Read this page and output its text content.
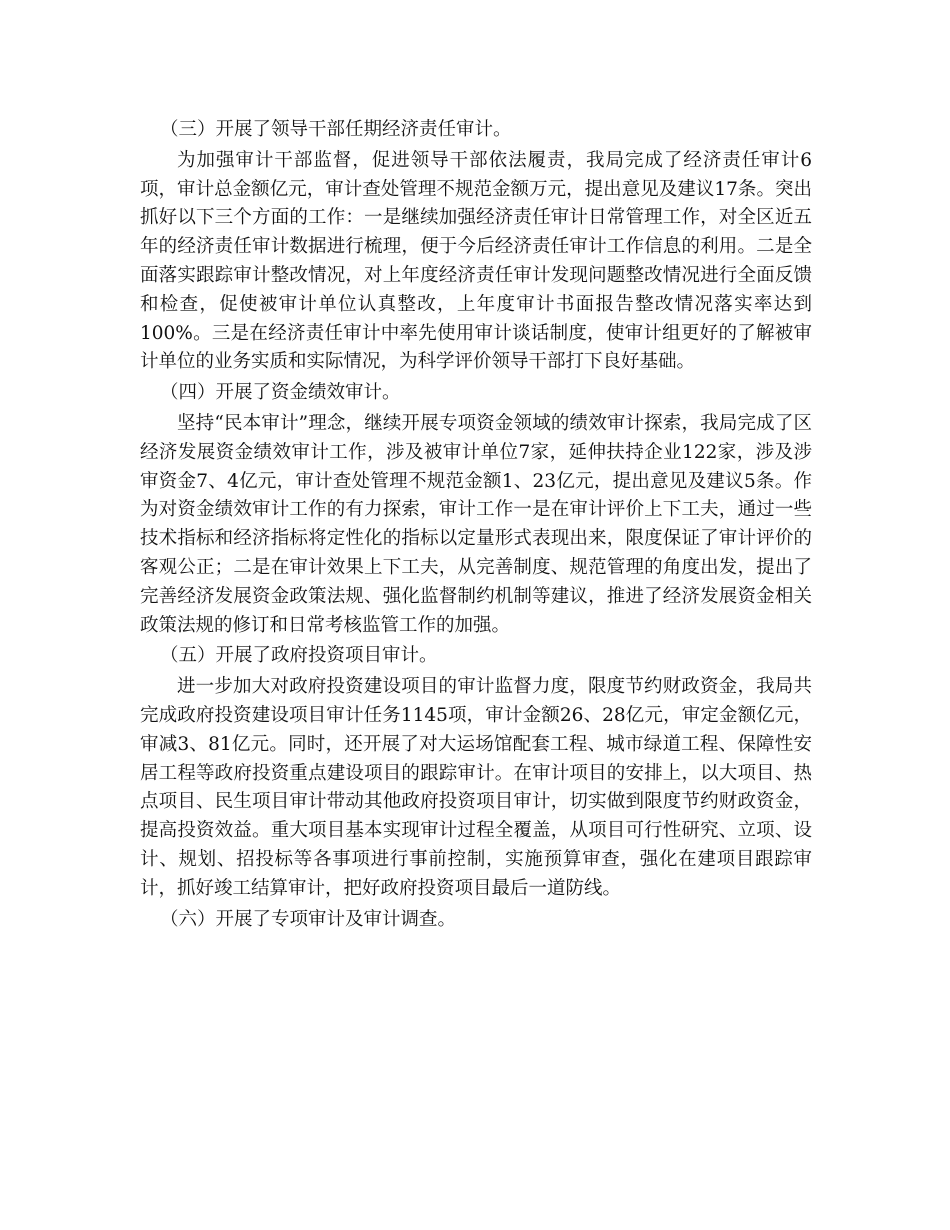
（三）开展了领导干部任期经济责任审计。

为加强审计干部监督，促进领导干部依法履责，我局完成了经济责任审计6项，审计总金额亿元，审计查处管理不规范金额万元，提出意见及建议17条。突出抓好以下三个方面的工作：一是继续加强经济责任审计日常管理工作，对全区近五年的经济责任审计数据进行梳理，便于今后经济责任审计工作信息的利用。二是全面落实跟踪审计整改情况，对上年度经济责任审计发现问题整改情况进行全面反馈和检查，促使被审计单位认真整改，上年度审计书面报告整改情况落实率达到100%。三是在经济责任审计中率先使用审计谈话制度，使审计组更好的了解被审计单位的业务实质和实际情况，为科学评价领导干部打下良好基础。

（四）开展了资金绩效审计。

坚持“民本审计”理念，继续开展专项资金领域的绩效审计探索，我局完成了区经济发展资金绩效审计工作，涉及被审计单位7家，延伸扶持企业122家，涉及涉审资金7、4亿元，审计查处管理不规范金额1、23亿元，提出意见及建议5条。作为对资金绩效审计工作的有力探索，审计工作一是在审计评价上下工夫，通过一些技术指标和经济指标将定性化的指标以定量形式表现出来，限度保证了审计评价的客观公正；二是在审计效果上下工夫，从完善制度、规范管理的角度出发，提出了完善经济发展资金政策法规、强化监督制约机制等建议，推进了经济发展资金相关政策法规的修订和日常考核监管工作的加强。

（五）开展了政府投资项目审计。

进一步加大对政府投资建设项目的审计监督力度，限度节约财政资金，我局共完成政府投资建设项目审计任务1145项，审计金额26、28亿元，审定金额亿元，审减3、81亿元。同时，还开展了对大运场馆配套工程、城市绿道工程、保障性安居工程等政府投资重点建设项目的跟踪审计。在审计项目的安排上，以大项目、热点项目、民生项目审计带动其他政府投资项目审计，切实做到限度节约财政资金，提高投资效益。重大项目基本实现审计过程全覆盖，从项目可行性研究、立项、设计、规划、招投标等各事项进行事前控制，实施预算审查，强化在建项目跟踪审计，抓好竣工结算审计，把好政府投资项目最后一道防线。

（六）开展了专项审计及审计调查。
